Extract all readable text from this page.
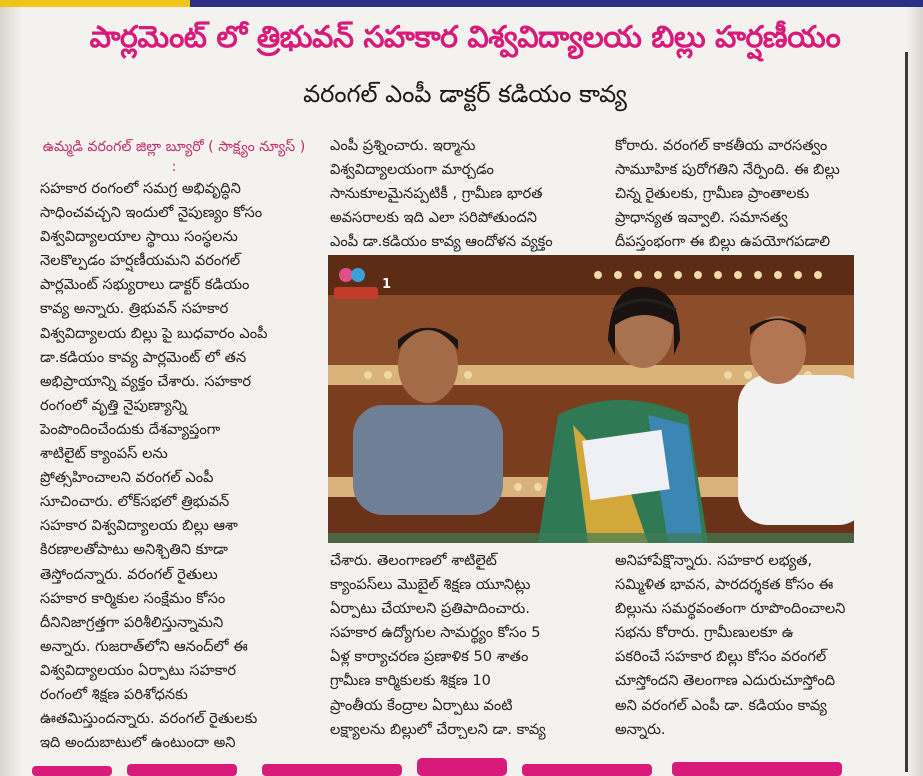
పార్లమెంట్ లో త్రిభువన్ సహకార విశ్వవిద్యాలయ బిల్లు హర్షణీయం
వరంగల్ ఎంపీ డాక్టర్ కడియం కావ్య

ఉమ్మడి వరంగల్ జిల్లా బ్యూరో ( సాక్ష్యం న్యూస్ ) :

సహకార రంగంలో సమగ్ర అభివృద్ధిని

సాధించవచ్చని ఇందులో నైపుణ్యం కోసం

విశ్వవిద్యాలయాల స్థాయి సంస్థలను

నెలకొల్పడం హర్షణీయమని వరంగల్

పార్లమెంట్ సభ్యురాలు డాక్టర్ కడియం

కావ్య అన్నారు. త్రిభువన్ సహకార

విశ్వవిద్యాలయ బిల్లు పై బుధవారం ఎంపీ

డా.కడియం కావ్య పార్లమెంట్ లో తన

అభిప్రాయాన్ని వ్యక్తం చేశారు. సహకార

రంగంలో వృత్తి నైపుణ్యాన్ని

పెంపొందించేందుకు దేశవ్యాప్తంగా

శాటిలైట్ క్యాంపస్ లను

ప్రోత్సహించాలని వరంగల్ ఎంపీ

సూచించారు. లోక్‌సభలో త్రిభువన్

సహకార విశ్వవిద్యాలయ బిల్లు ఆశా

కిరణాలతోపాటు అనిశ్చితిని కూడా

తెస్తోందన్నారు. వరంగల్ రైతులు

సహకార కార్మికుల సంక్షేమం కోసం

దీనినిజాగ్రత్తగా పరిశీలిస్తున్నామని

అన్నారు. గుజరాత్‌లోని ఆనంద్‌లో ఈ

విశ్వవిద్యాలయం ఏర్పాటు సహకార

రంగంలో శిక్షణ పరిశోధనకు

ఊతమిస్తుందన్నారు. వరంగల్ రైతులకు

ఇది అందుబాటులో ఉంటుందా అని

ఎంపీ ప్రశ్నించారు. ఇర్మాను

విశ్వవిద్యాలయంగా మార్చడం

సానుకూలమైనప్పటికీ , గ్రామీణ భారత

అవసరాలకు ఇది ఎలా సరిపోతుందని

ఎంపీ డా.కడియం కావ్య ఆందోళన వ్యక్తం

కోరారు. వరంగల్ కాకతీయ వారసత్వం

సామూహిక పురోగతిని నేర్పింది. ఈ బిల్లు

చిన్న రైతులకు, గ్రామీణ ప్రాంతాలకు

ప్రాధాన్యత ఇవ్వాలి. సమానత్వ

దీపస్తంభంగా ఈ బిల్లు ఉపయోగపడాలి

1

చేశారు. తెలంగాణలో శాటిలైట్

క్యాంపస్‌లు మొబైల్ శిక్షణ యూనిట్లు

ఏర్పాటు చేయాలని ప్రతిపాదించారు.

సహకార ఉద్యోగుల సామర్థ్యం కోసం 5

ఏళ్ల కార్యాచరణ ప్రణాళిక 50 శాతం

గ్రామీణ కార్మికులకు శిక్షణ 10

ప్రాంతీయ కేంద్రాల ఏర్పాటు వంటి

లక్ష్యాలను బిల్లులో చేర్చాలని డా. కావ్య

అనిహాపేక్షొన్నారు. సహకార లభ్యత,

సమ్మిళిత భావన, పారదర్శకత కోసం ఈ

బిల్లును సమర్థవంతంగా రూపొందించాలని

సభను కోరారు. గ్రామీణులకూ ఉ

పకరించే సహకార బిల్లు కోసం వరంగల్

చూస్తోందని తెలంగాణ ఎదురుచూస్తోంది

అని వరంగల్ ఎంపీ డా. కడియం కావ్య

అన్నారు.
